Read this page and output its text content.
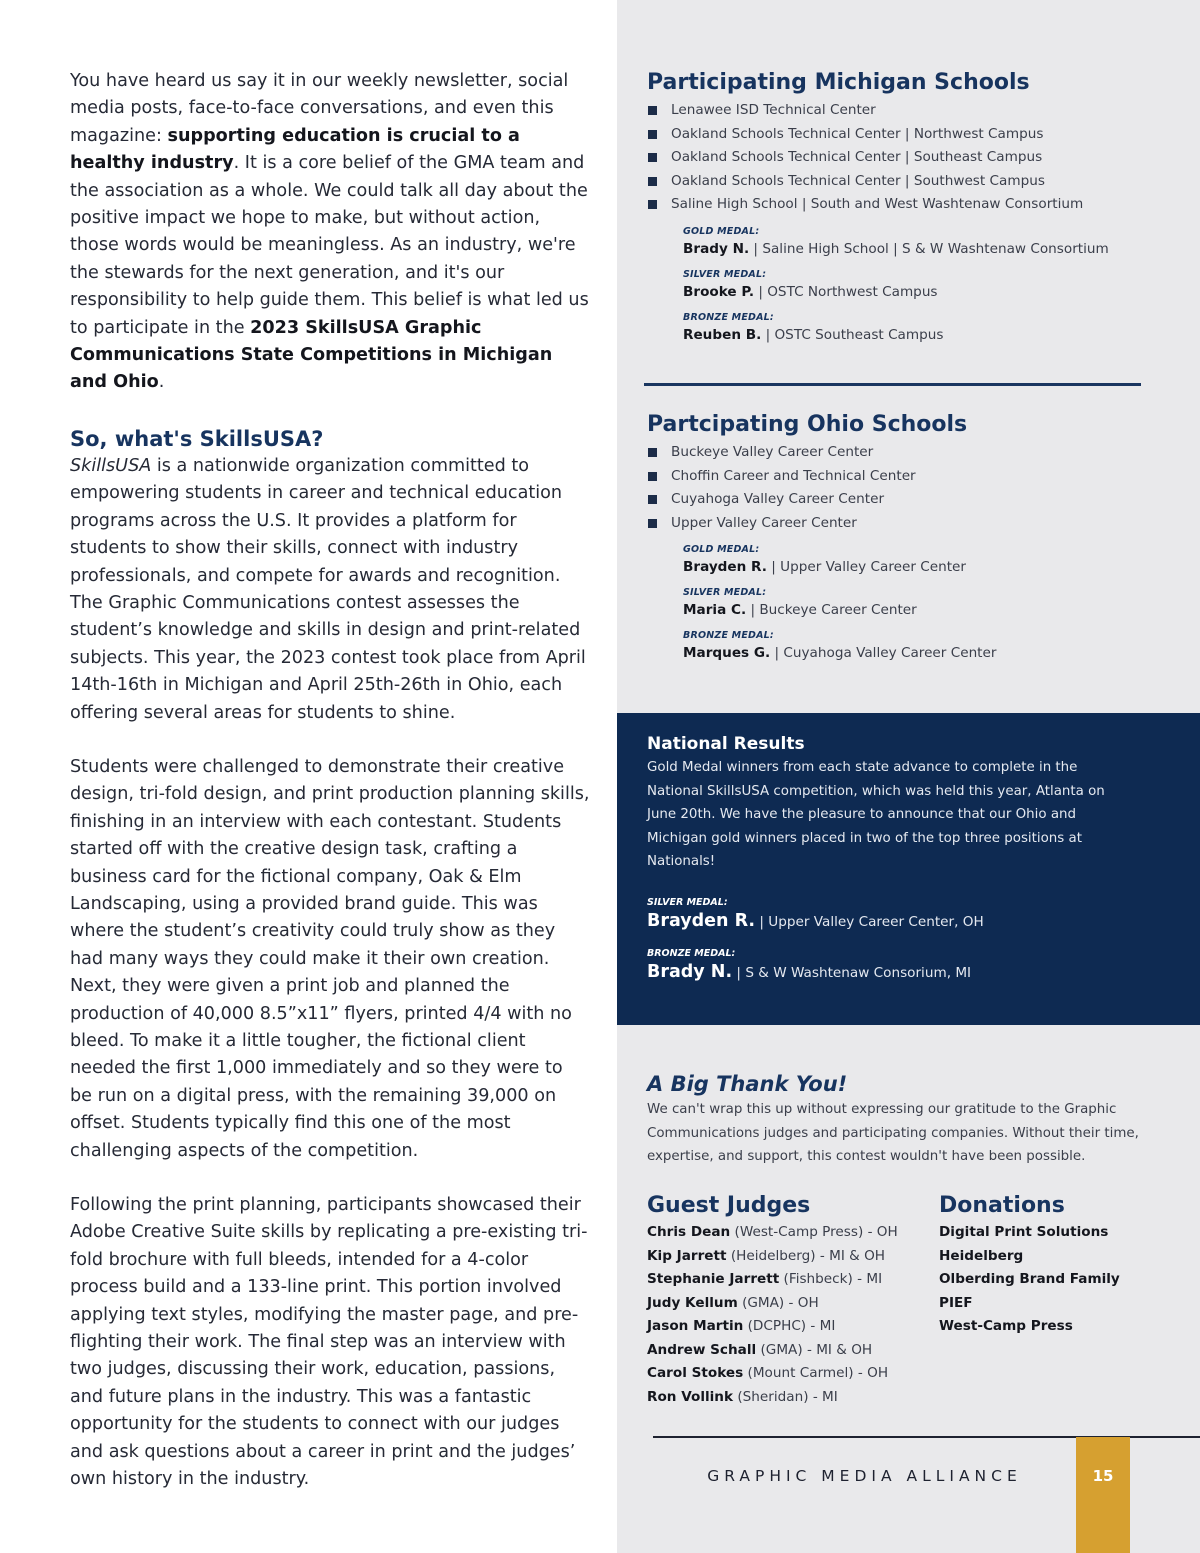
You have heard us say it in our weekly newsletter, social media posts, face-to-face conversations, and even this magazine: supporting education is crucial to a healthy industry. It is a core belief of the GMA team and the association as a whole. We could talk all day about the positive impact we hope to make, but without action, those words would be meaningless. As an industry, we're the stewards for the next generation, and it's our responsibility to help guide them. This belief is what led us to participate in the 2023 SkillsUSA Graphic Communications State Competitions in Michigan and Ohio.

So, what's SkillsUSA?

SkillsUSA is a nationwide organization committed to empowering students in career and technical education programs across the U.S. It provides a platform for students to show their skills, connect with industry professionals, and compete for awards and recognition. The Graphic Communications contest assesses the student’s knowledge and skills in design and print-related subjects. This year, the 2023 contest took place from April 14th-16th in Michigan and April 25th-26th in Ohio, each offering several areas for students to shine.

Students were challenged to demonstrate their creative design, tri-fold design, and print production planning skills, finishing in an interview with each contestant. Students started off with the creative design task, crafting a business card for the fictional company, Oak & Elm Landscaping, using a provided brand guide. This was where the student’s creativity could truly show as they had many ways they could make it their own creation. Next, they were given a print job and planned the production of 40,000 8.5”x11” flyers, printed 4/4 with no bleed. To make it a little tougher, the fictional client needed the first 1,000 immediately and so they were to be run on a digital press, with the remaining 39,000 on offset. Students typically find this one of the most challenging aspects of the competition.

Following the print planning, participants showcased their Adobe Creative Suite skills by replicating a pre-existing tri-fold brochure with full bleeds, intended for a 4-color process build and a 133-line print. This portion involved applying text styles, modifying the master page, and pre-flighting their work. The final step was an interview with two judges, discussing their work, education, passions, and future plans in the industry. This was a fantastic opportunity for the students to connect with our judges and ask questions about a career in print and the judges’ own history in the industry.

Participating Michigan Schools
Lenawee ISD Technical Center
Oakland Schools Technical Center | Northwest Campus
Oakland Schools Technical Center | Southeast Campus
Oakland Schools Technical Center | Southwest Campus
Saline High School | South and West Washtenaw Consortium
GOLD MEDAL:
Brady N. | Saline High School | S & W Washtenaw Consortium
SILVER MEDAL:
Brooke P. | OSTC Northwest Campus
BRONZE MEDAL:
Reuben B. | OSTC Southeast Campus
Partcipating Ohio Schools
Buckeye Valley Career Center
Choffin Career and Technical Center
Cuyahoga Valley Career Center
Upper Valley Career Center
GOLD MEDAL:
Brayden R. | Upper Valley Career Center
SILVER MEDAL:
Maria C. | Buckeye Career Center
BRONZE MEDAL:
Marques G. | Cuyahoga Valley Career Center
National Results

Gold Medal winners from each state advance to complete in the National SkillsUSA competition, which was held this year, Atlanta on June 20th. We have the pleasure to announce that our Ohio and Michigan gold winners placed in two of the top three positions at Nationals!

SILVER MEDAL:
Brayden R. | Upper Valley Career Center, OH
BRONZE MEDAL:
Brady N. | S & W Washtenaw Consorium, MI
A Big Thank You!

We can't wrap this up without expressing our gratitude to the Graphic Communications judges and participating companies. Without their time, expertise, and support, this contest wouldn't have been possible.

Guest Judges
Chris Dean (West-Camp Press) - OH
Kip Jarrett (Heidelberg) - MI & OH
Stephanie Jarrett (Fishbeck) - MI
Judy Kellum (GMA) - OH
Jason Martin (DCPHC) - MI
Andrew Schall (GMA) - MI & OH
Carol Stokes (Mount Carmel) - OH
Ron Vollink (Sheridan) - MI
Donations
Digital Print Solutions
Heidelberg
Olberding Brand Family
PIEF
West-Camp Press
GRAPHIC MEDIA ALLIANCE	15
